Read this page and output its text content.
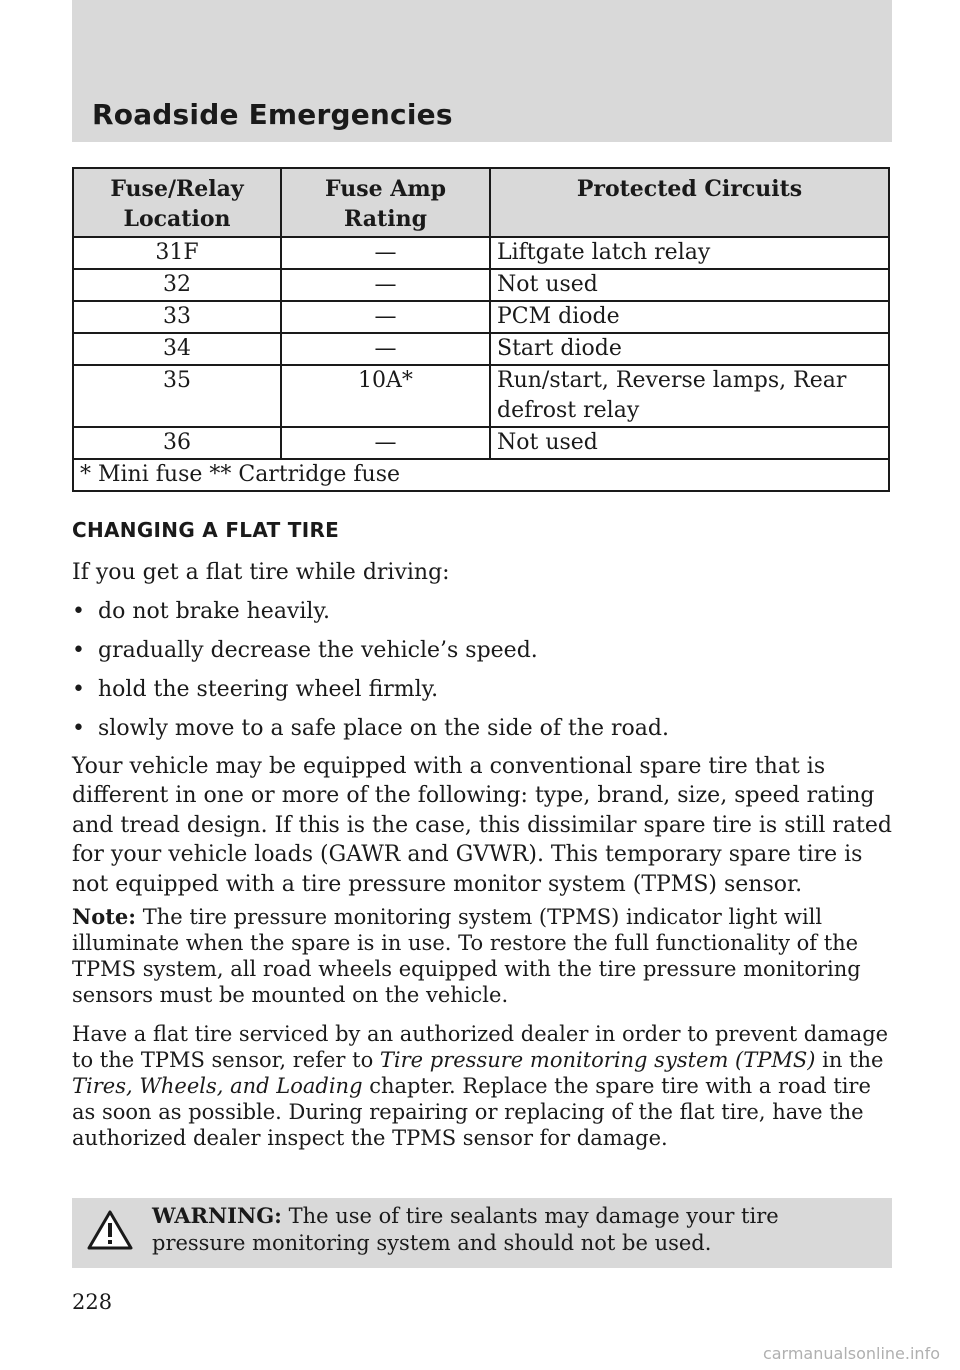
Roadside Emergencies
Fuse/Relay Location	Fuse Amp Rating	Protected Circuits
31F	—	Liftgate latch relay
32	—	Not used
33	—	PCM diode
34	—	Start diode
35	10A*	Run/start, Reverse lamps, Rear defrost relay
36	—	Not used
* Mini fuse ** Cartridge fuse		
CHANGING A FLAT TIRE

If you get a flat tire while driving:

• do not brake heavily.
• gradually decrease the vehicle’s speed.
• hold the steering wheel firmly.
• slowly move to a safe place on the side of the road.

Your vehicle may be equipped with a conventional spare tire that is different in one or more of the following: type, brand, size, speed rating and tread design. If this is the case, this dissimilar spare tire is still rated for your vehicle loads (GAWR and GVWR). This temporary spare tire is not equipped with a tire pressure monitor system (TPMS) sensor.

Note: The tire pressure monitoring system (TPMS) indicator light will illuminate when the spare is in use. To restore the full functionality of the TPMS system, all road wheels equipped with the tire pressure monitoring sensors must be mounted on the vehicle.

Have a flat tire serviced by an authorized dealer in order to prevent damage to the TPMS sensor, refer to Tire pressure monitoring system (TPMS) in the Tires, Wheels, and Loading chapter. Replace the spare tire with a road tire as soon as possible. During repairing or replacing of the flat tire, have the authorized dealer inspect the TPMS sensor for damage.

WARNING: The use of tire sealants may damage your tire pressure monitoring system and should not be used.
228
carmanualsonline.info
